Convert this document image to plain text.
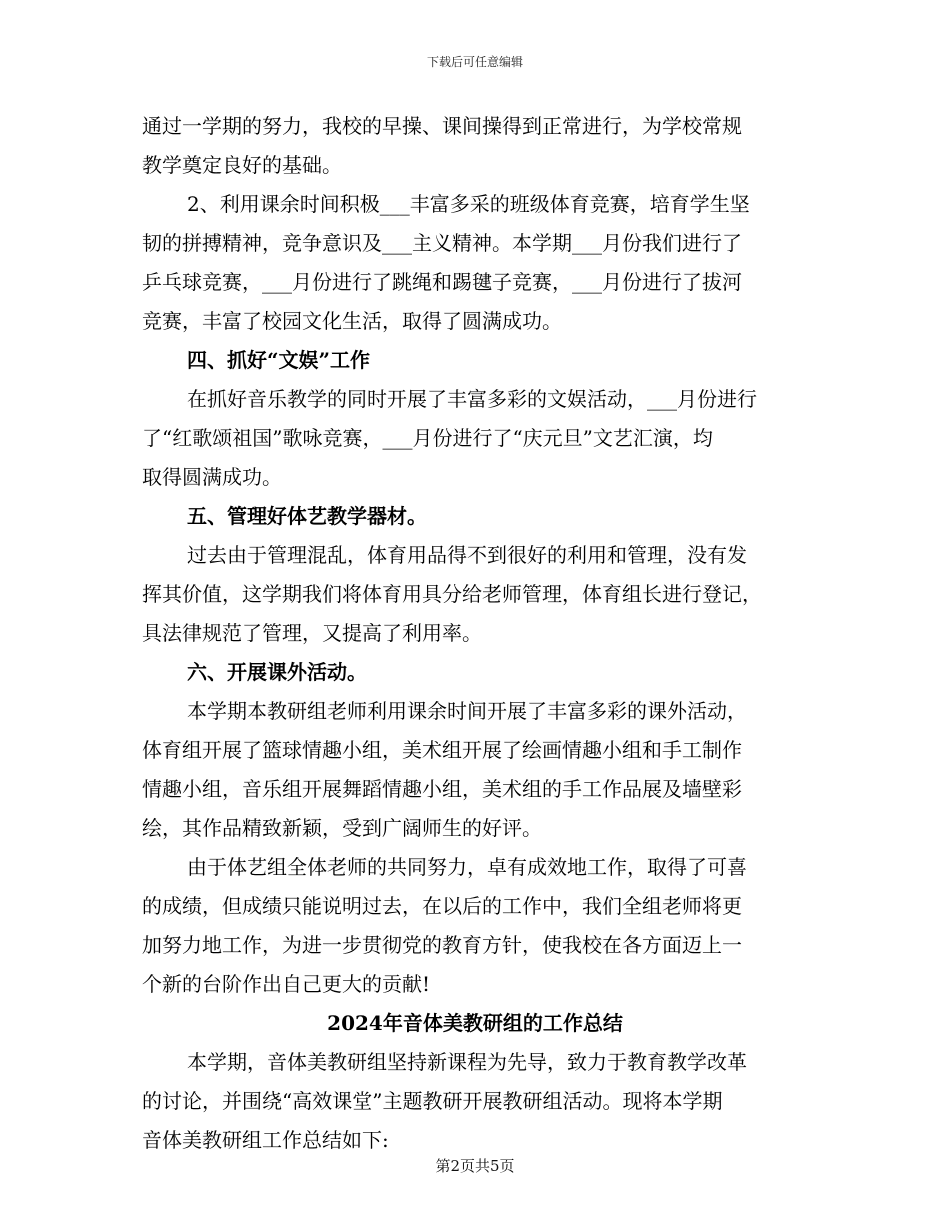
下载后可任意编辑
通过一学期的努力，我校的早操、课间操得到正常进行，为学校常规
教学奠定良好的基础。
2、利用课余时间积极___丰富多采的班级体育竞赛，培育学生坚
韧的拼搏精神，竞争意识及___主义精神。本学期___月份我们进行了
乒乓球竞赛，___月份进行了跳绳和踢毽子竞赛，___月份进行了拔河
竞赛，丰富了校园文化生活，取得了圆满成功。
四、抓好“文娱”工作
在抓好音乐教学的同时开展了丰富多彩的文娱活动，___月份进行
了“红歌颂祖国”歌咏竞赛，___月份进行了“庆元旦”文艺汇演，均
取得圆满成功。
五、管理好体艺教学器材。
过去由于管理混乱，体育用品得不到很好的利用和管理，没有发
挥其价值，这学期我们将体育用具分给老师管理，体育组长进行登记，
具法律规范了管理，又提高了利用率。
六、开展课外活动。
本学期本教研组老师利用课余时间开展了丰富多彩的课外活动，
体育组开展了篮球情趣小组，美术组开展了绘画情趣小组和手工制作
情趣小组，音乐组开展舞蹈情趣小组，美术组的手工作品展及墙壁彩
绘，其作品精致新颖，受到广阔师生的好评。
由于体艺组全体老师的共同努力，卓有成效地工作，取得了可喜
的成绩，但成绩只能说明过去，在以后的工作中，我们全组老师将更
加努力地工作，为进一步贯彻党的教育方针，使我校在各方面迈上一
个新的台阶作出自己更大的贡献!
2024年音体美教研组的工作总结
本学期，音体美教研组坚持新课程为先导，致力于教育教学改革
的讨论，并围绕“高效课堂”主题教研开展教研组活动。现将本学期
音体美教研组工作总结如下:
第2页共5页
